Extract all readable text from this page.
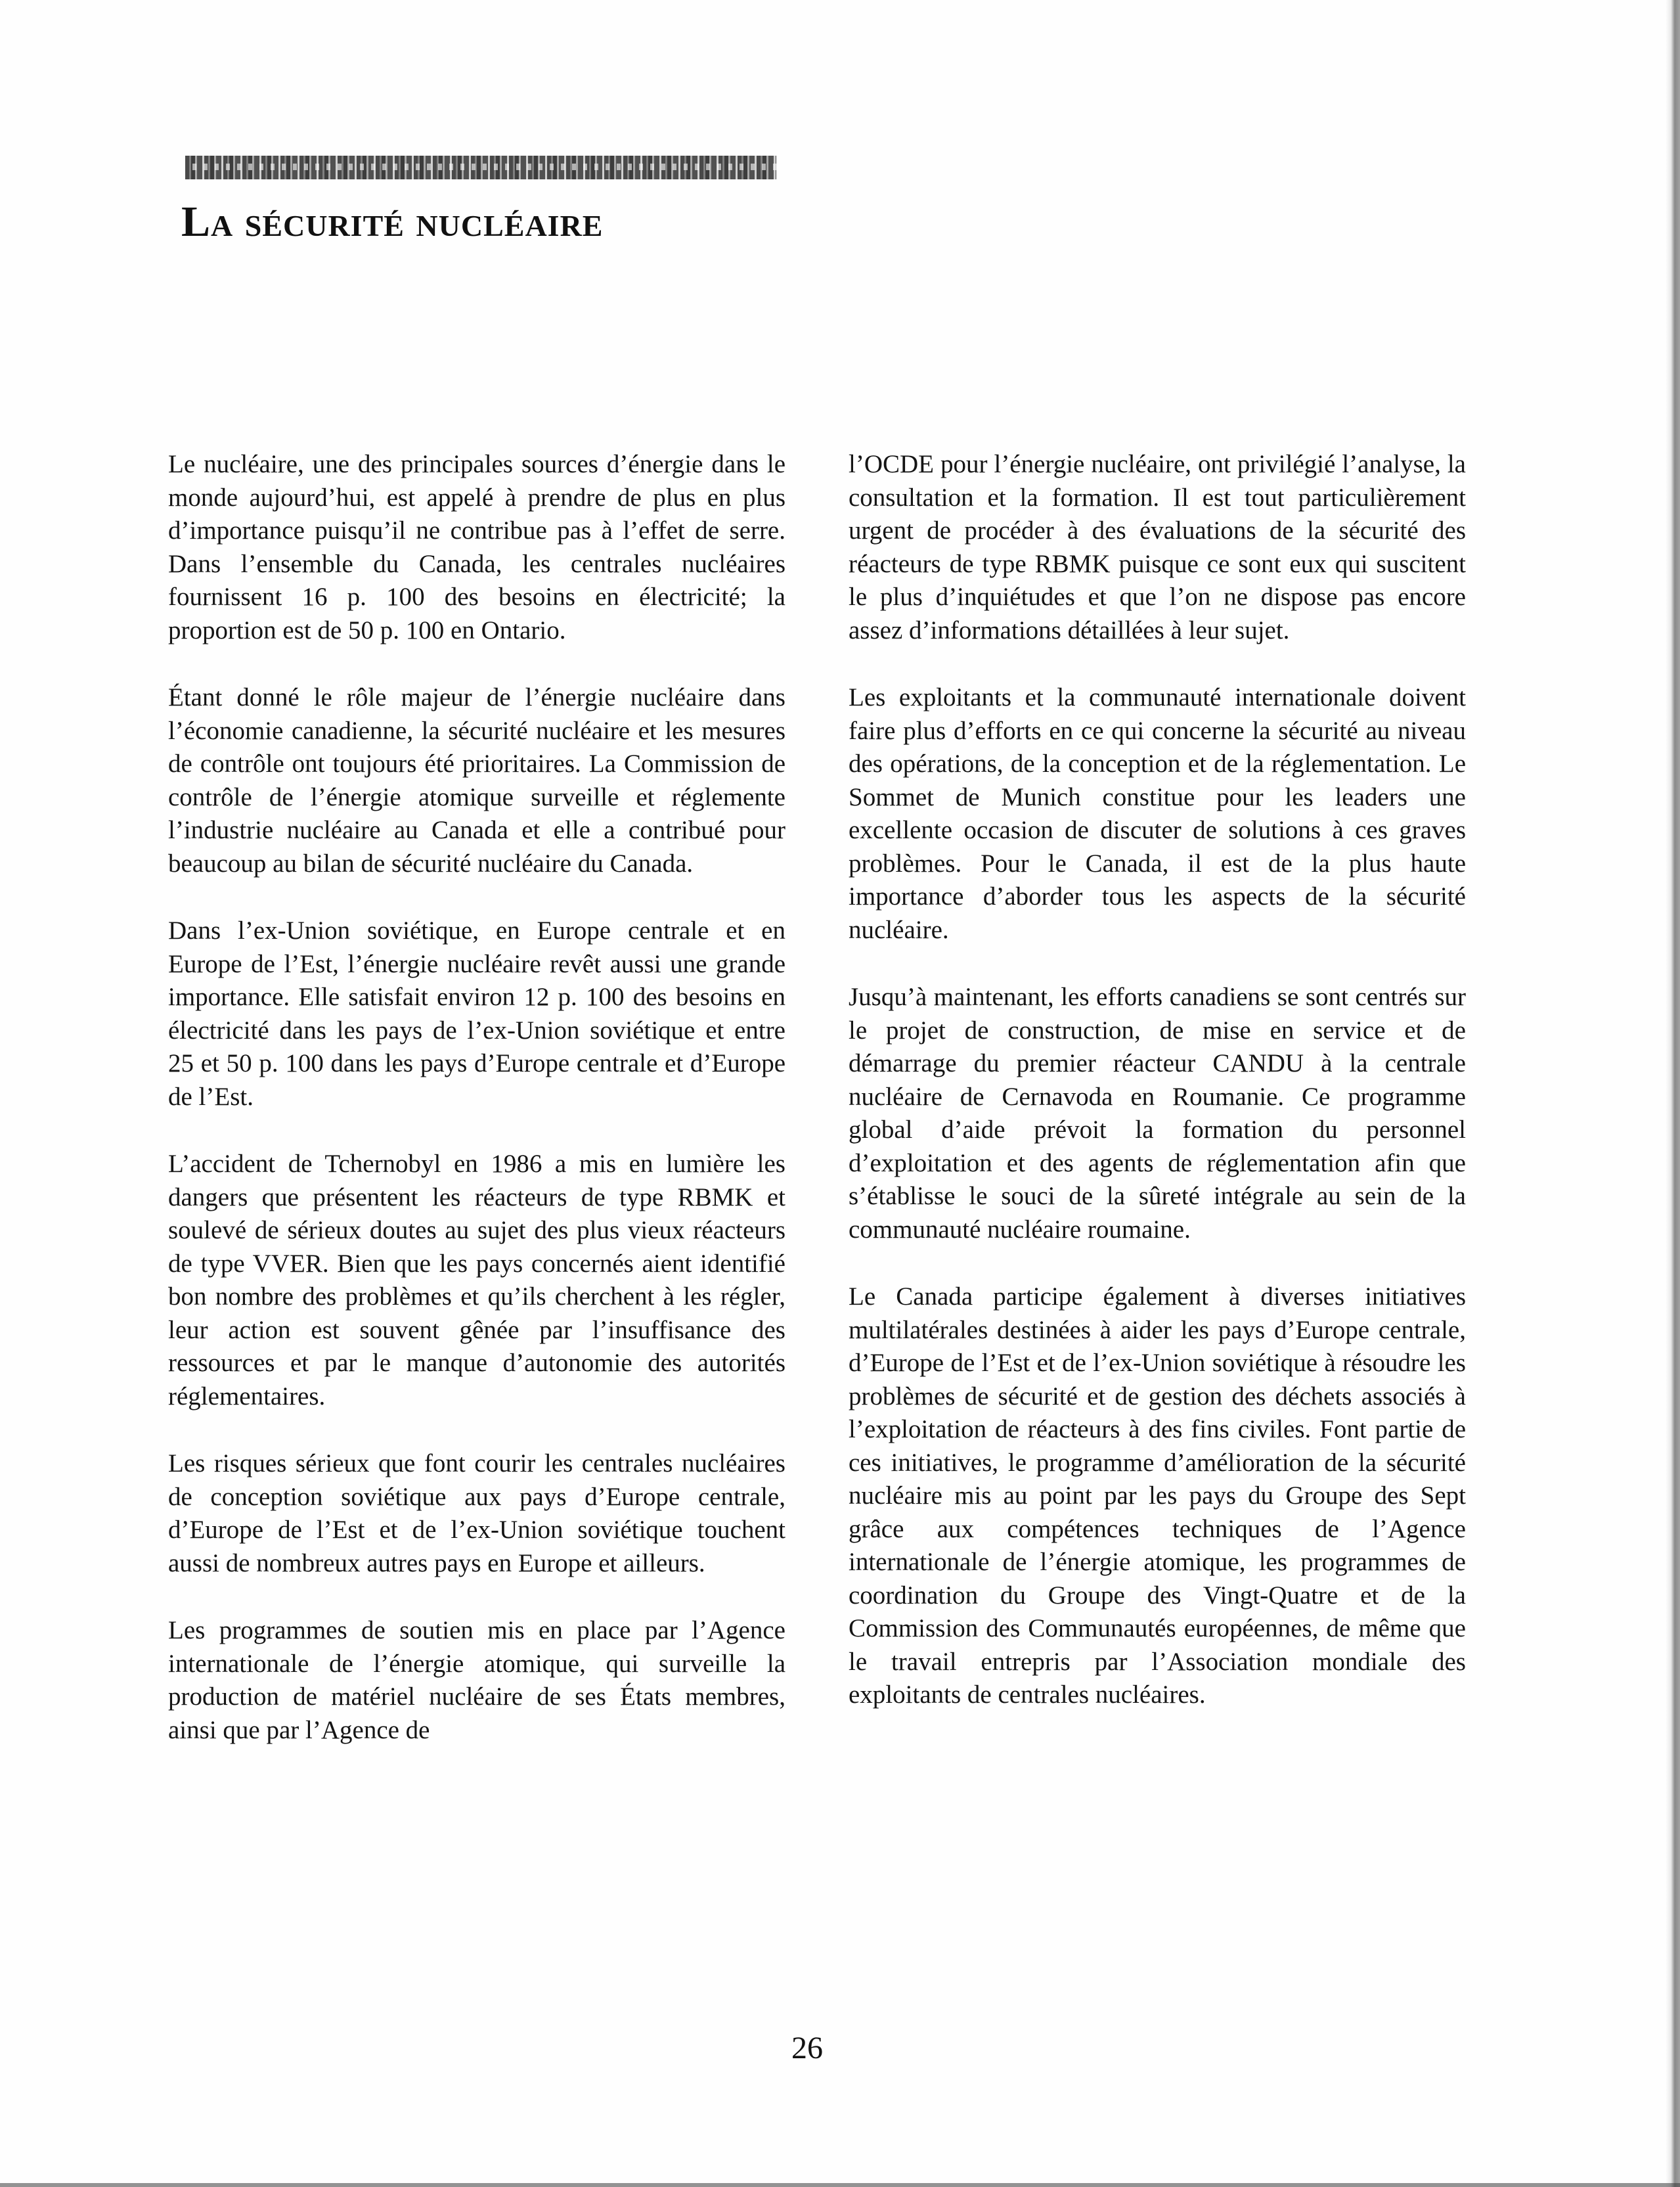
La sécurité nucléaire

Le nucléaire, une des principales sources d’énergie dans le monde aujourd’hui, est appelé à prendre de plus en plus d’importance puisqu’il ne contribue pas à l’effet de serre. Dans l’ensemble du Canada, les centrales nucléaires fournissent 16 p. 100 des besoins en électricité; la proportion est de 50 p. 100 en Ontario.

Étant donné le rôle majeur de l’énergie nucléaire dans l’économie canadienne, la sécurité nucléaire et les mesures de contrôle ont toujours été prioritaires. La Commission de contrôle de l’énergie atomique surveille et réglemente l’industrie nucléaire au Canada et elle a contribué pour beaucoup au bilan de sécurité nucléaire du Canada.

Dans l’ex-Union soviétique, en Europe centrale et en Europe de l’Est, l’énergie nucléaire revêt aussi une grande importance. Elle satisfait environ 12 p. 100 des besoins en électricité dans les pays de l’ex-Union soviétique et entre 25 et 50 p. 100 dans les pays d’Europe centrale et d’Europe de l’Est.

L’accident de Tchernobyl en 1986 a mis en lumière les dangers que présentent les réacteurs de type RBMK et soulevé de sérieux doutes au sujet des plus vieux réacteurs de type VVER. Bien que les pays concernés aient identifié bon nombre des problèmes et qu’ils cherchent à les régler, leur action est souvent gênée par l’insuffisance des ressources et par le manque d’autonomie des autorités réglementaires.

Les risques sérieux que font courir les centrales nucléaires de conception soviétique aux pays d’Europe centrale, d’Europe de l’Est et de l’ex-Union soviétique touchent aussi de nombreux autres pays en Europe et ailleurs.

Les programmes de soutien mis en place par l’Agence internationale de l’énergie atomique, qui surveille la production de matériel nucléaire de ses États membres, ainsi que par l’Agence de

l’OCDE pour l’énergie nucléaire, ont privilégié l’analyse, la consultation et la formation. Il est tout particulièrement urgent de procéder à des évaluations de la sécurité des réacteurs de type RBMK puisque ce sont eux qui suscitent le plus d’inquiétudes et que l’on ne dispose pas encore assez d’informations détaillées à leur sujet.

Les exploitants et la communauté internationale doivent faire plus d’efforts en ce qui concerne la sécurité au niveau des opérations, de la conception et de la réglementation. Le Sommet de Munich constitue pour les leaders une excellente occasion de discuter de solutions à ces graves problèmes. Pour le Canada, il est de la plus haute importance d’aborder tous les aspects de la sécurité nucléaire.

Jusqu’à maintenant, les efforts canadiens se sont centrés sur le projet de construction, de mise en service et de démarrage du premier réacteur CANDU à la centrale nucléaire de Cernavoda en Roumanie. Ce programme global d’aide prévoit la formation du personnel d’exploitation et des agents de réglementation afin que s’établisse le souci de la sûreté intégrale au sein de la communauté nucléaire roumaine.

Le Canada participe également à diverses initiatives multilatérales destinées à aider les pays d’Europe centrale, d’Europe de l’Est et de l’ex-Union soviétique à résoudre les problèmes de sécurité et de gestion des déchets associés à l’exploitation de réacteurs à des fins civiles. Font partie de ces initiatives, le programme d’amélioration de la sécurité nucléaire mis au point par les pays du Groupe des Sept grâce aux compétences techniques de l’Agence internationale de l’énergie atomique, les programmes de coordination du Groupe des Vingt-Quatre et de la Commission des Communautés européennes, de même que le travail entrepris par l’Association mondiale des exploitants de centrales nucléaires.

26
